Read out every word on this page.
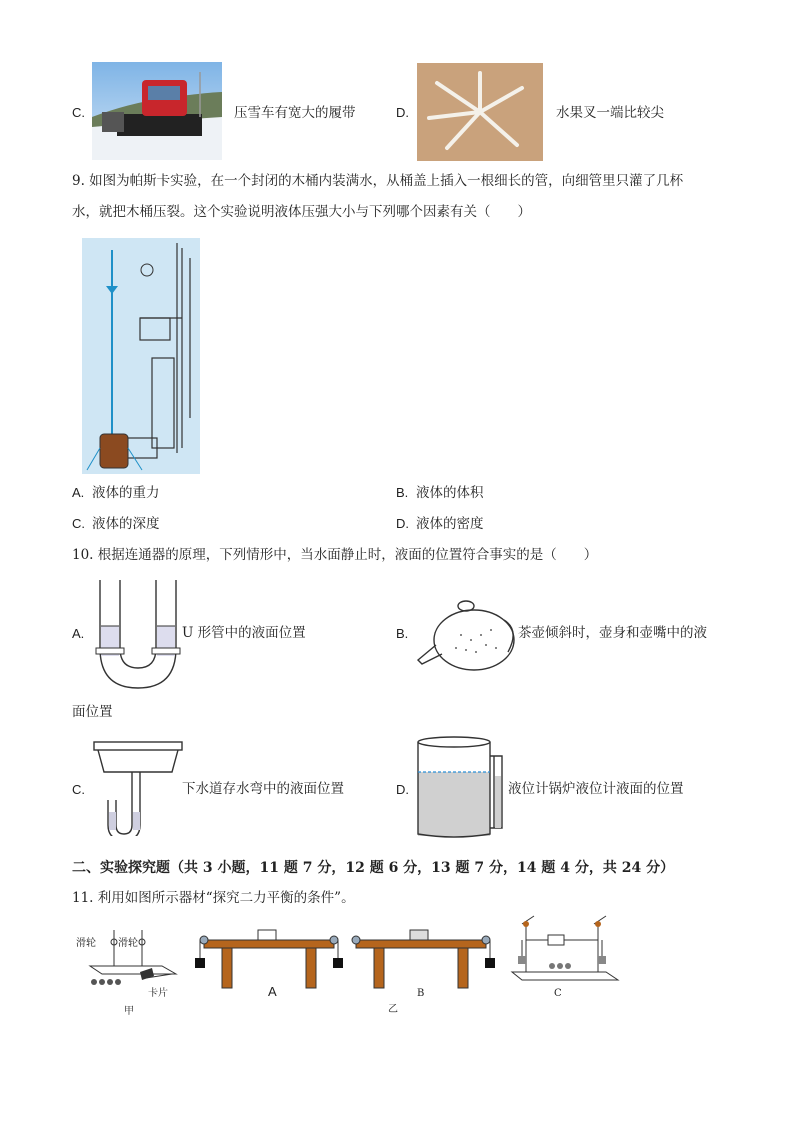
C.	压雪车有宽大的履带	D.	水果叉一端比较尖
9. 如图为帕斯卡实验，在一个封闭的木桶内装满水，从桶盖上插入一根细长的管，向细管里只灌了几杯
水，就把木桶压裂。这个实验说明液体压强大小与下列哪个因素有关（　　）
A. 液体的重力	B. 液体的体积
C. 液体的深度	D. 液体的密度
10. 根据连通器的原理，下列情形中，当水面静止时，液面的位置符合事实的是（　　）
A.	U 形管中的液面位置	B.	茶壶倾斜时，壶身和壶嘴中的液
面位置
C.	下水道存水弯中的液面位置	D.	液位计锅炉液位计液面的位置
二、实验探究题（共 3 小题，11 题 7 分，12 题 6 分，13 题 7 分，14 题 4 分，共 24 分）
11. 利用如图所示器材“探究二力平衡的条件”。
滑轮 滑轮
卡片
甲
A	B
乙
C
